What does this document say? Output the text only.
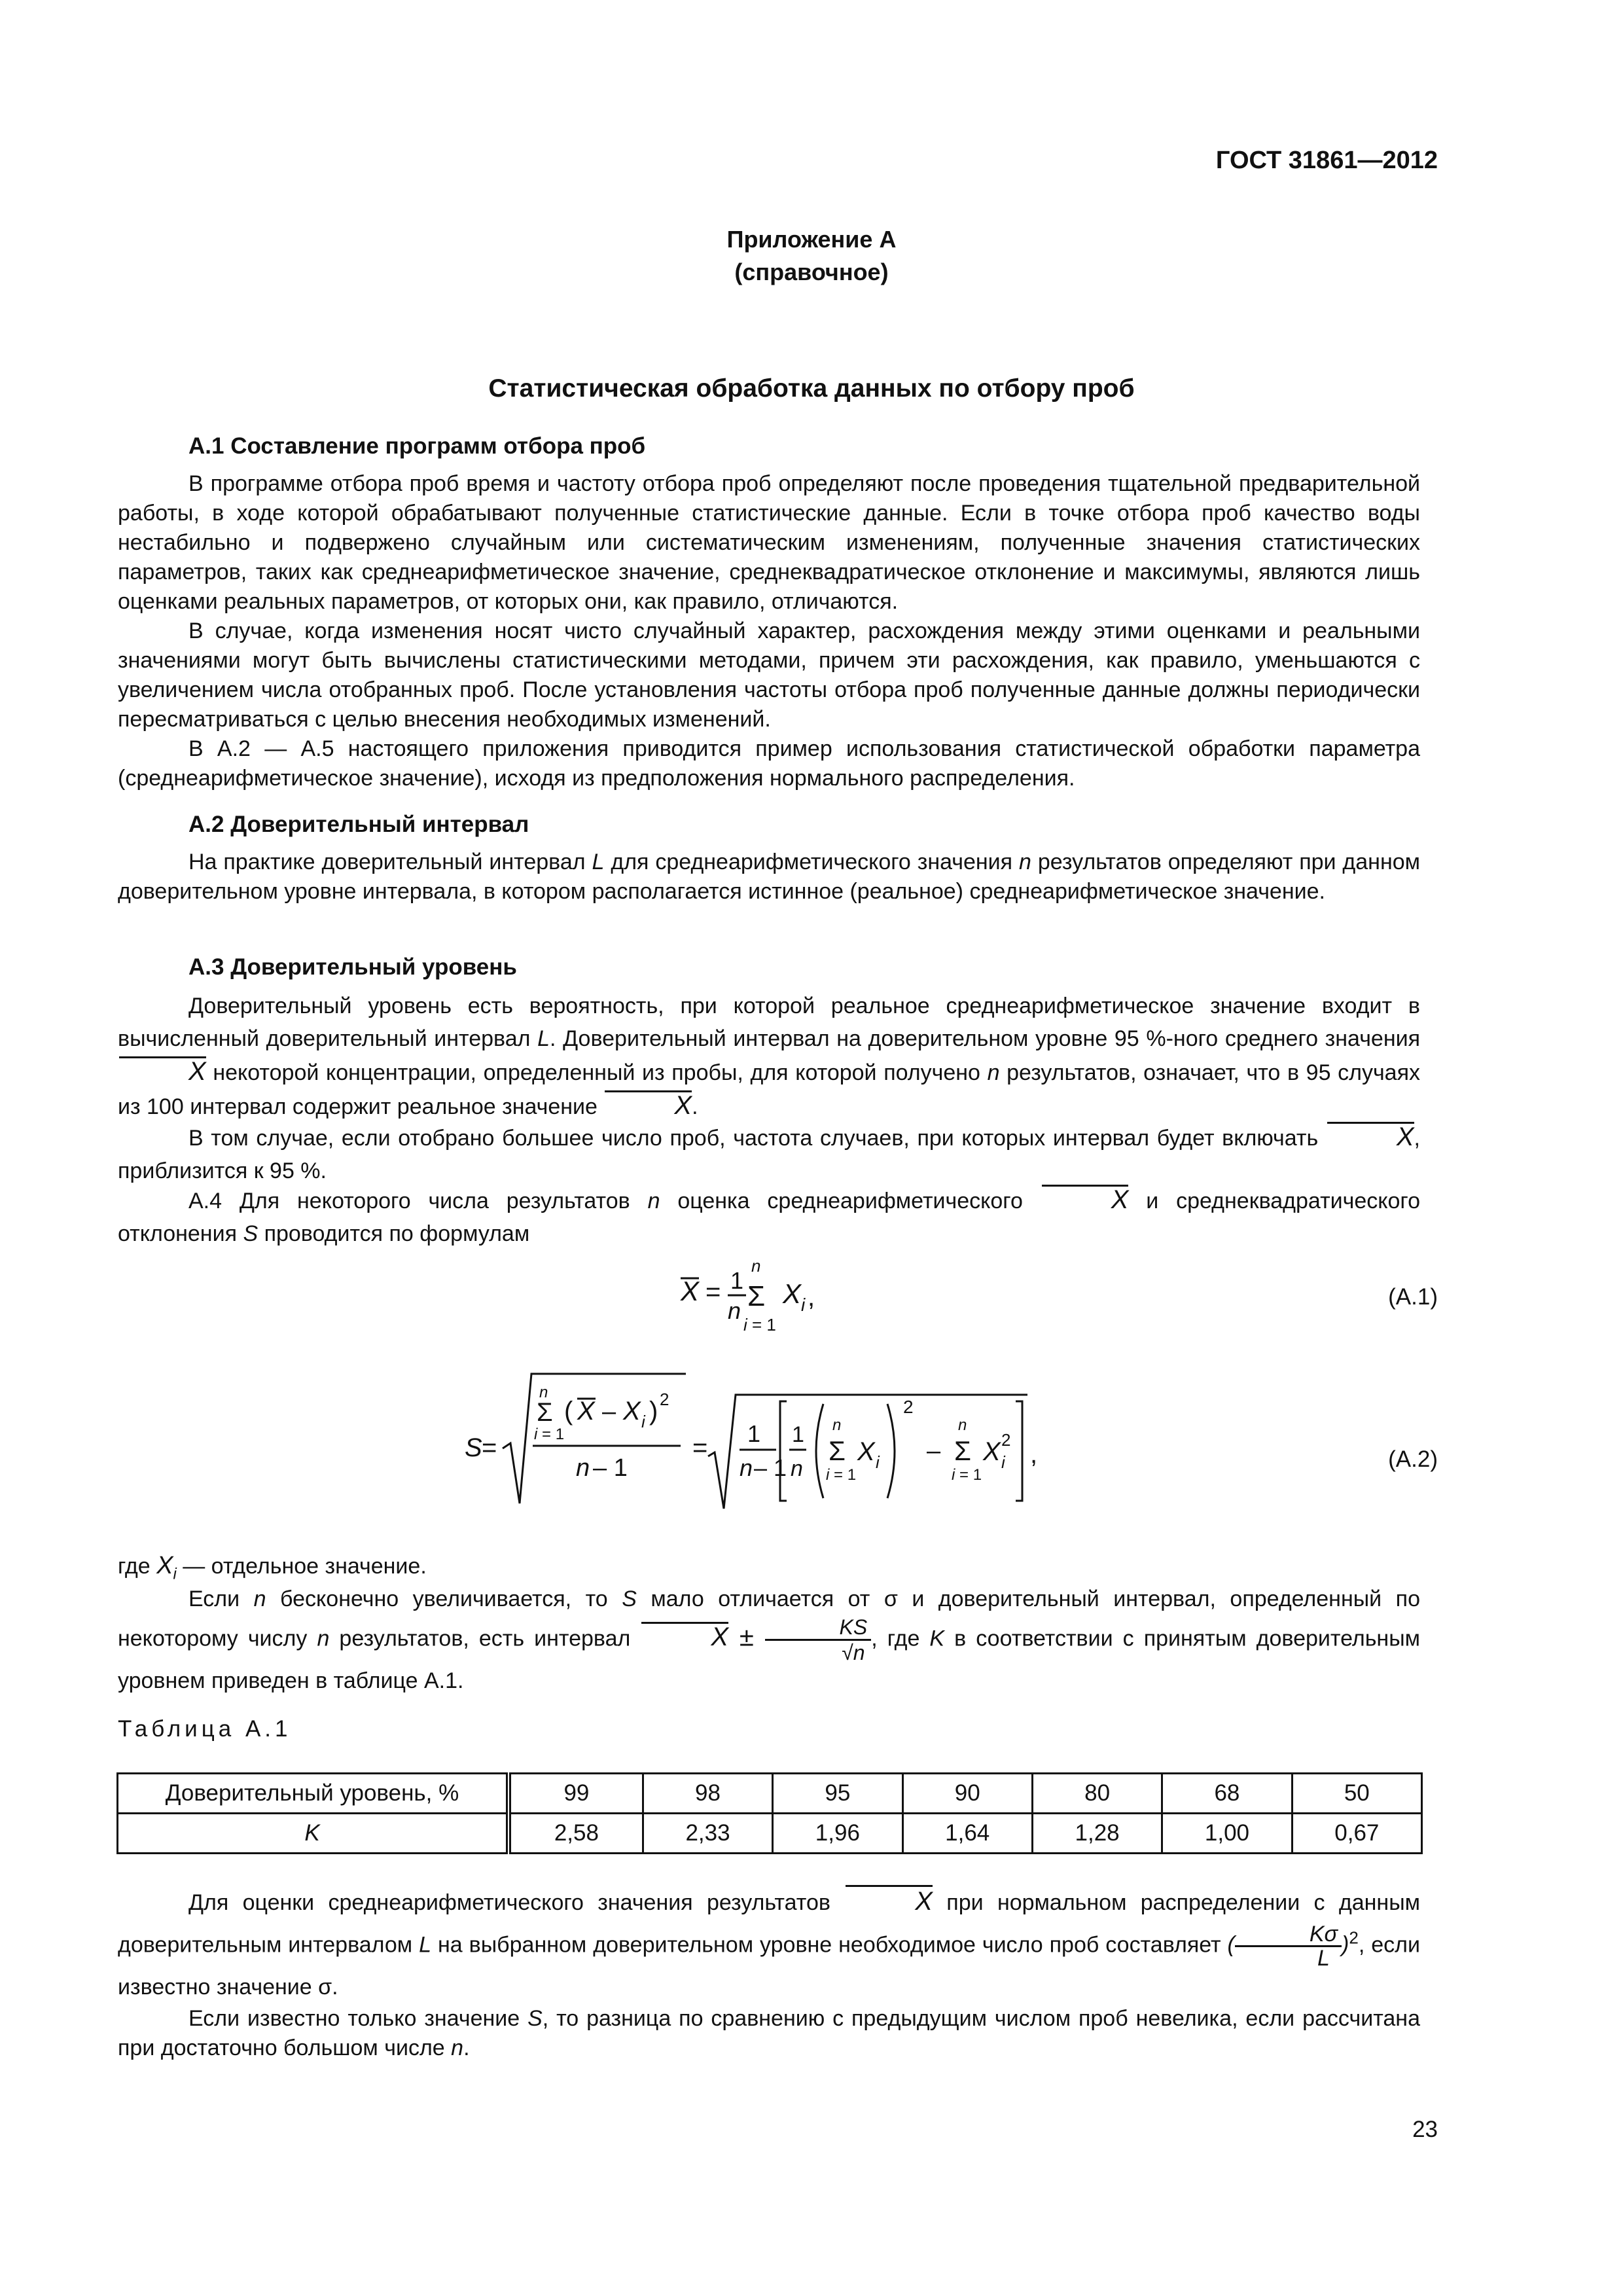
ГОСТ 31861—2012
Приложение А
(справочное)
Статистическая обработка данных по отбору проб
А.1 Составление программ отбора проб
В программе отбора проб время и частоту отбора проб определяют после проведения тщательной предварительной работы, в ходе которой обрабатывают полученные статистические данные. Если в точке отбора проб качество воды нестабильно и подвержено случайным или систематическим изменениям, полученные значения статистических параметров, таких как среднеарифметическое значение, среднеквадратическое отклонение и максимумы, являются лишь оценками реальных параметров, от которых они, как правило, отличаются.
В случае, когда изменения носят чисто случайный характер, расхождения между этими оценками и реальными значениями могут быть вычислены статистическими методами, причем эти расхождения, как правило, уменьшаются с увеличением числа отобранных проб. После установления частоты отбора проб полученные данные должны периодически пересматриваться с целью внесения необходимых изменений.
В А.2 — А.5 настоящего приложения приводится пример использования статистической обработки параметра (среднеарифметическое значение), исходя из предположения нормального распределения.
А.2 Доверительный интервал
На практике доверительный интервал L для среднеарифметического значения n результатов определяют при данном доверительном уровне интервала, в котором располагается истинное (реальное) среднеарифметическое значение.
А.3 Доверительный уровень
Доверительный уровень есть вероятность, при которой реальное среднеарифметическое значение входит в вычисленный доверительный интервал L. Доверительный интервал на доверительном уровне 95 %-ного среднего значения X некоторой концентрации, определенный из пробы, для которой получено n результатов, означает, что в 95 случаях из 100 интервал содержит реальное значение	X.
В том случае, если отобрано большее число проб, частота случаев, при которых интервал будет включать	X, приблизится к 95 %.
А.4 Для некоторого числа результатов n оценка среднеарифметического	X и среднеквадратического отклонения S проводится по формулам
X = 1
n
n
Σ
i = 1
X i ,	(А.1)
S =
n
Σ
i = 1
( X – X i ) 2
n – 1
= 1
n – 1
1
n
n
Σ
i = 1
X i
2
–
n
Σ
i = 1
X i
2 ,	(А.2)
где $X_i$ — отдельное значение.
Если n бесконечно увеличивается, то S мало отличается от σ и доверительный интервал, определенный по некоторому числу n результатов, есть интервал	$X \pm \frac{KS}{√n}$ , где K в соответствии с принятым доверительным уровнем приведен в таблице А.1.
Таблица А.1
Доверительный уровень, %	99	98	95	90	80	68	50
K	2,58	2,33	1,96	1,64	1,28	1,00	0,67
Для оценки среднеарифметического значения результатов	X при нормальном распределении с данным доверительным интервалом L на выбранном доверительном уровне необходимое число проб составляет ( $\frac{K\sigma}{L} )^2$, если известно значение σ.
Если известно только значение S, то разница по сравнению с предыдущим числом проб невелика, если рассчитана при достаточно большом числе n.
23
